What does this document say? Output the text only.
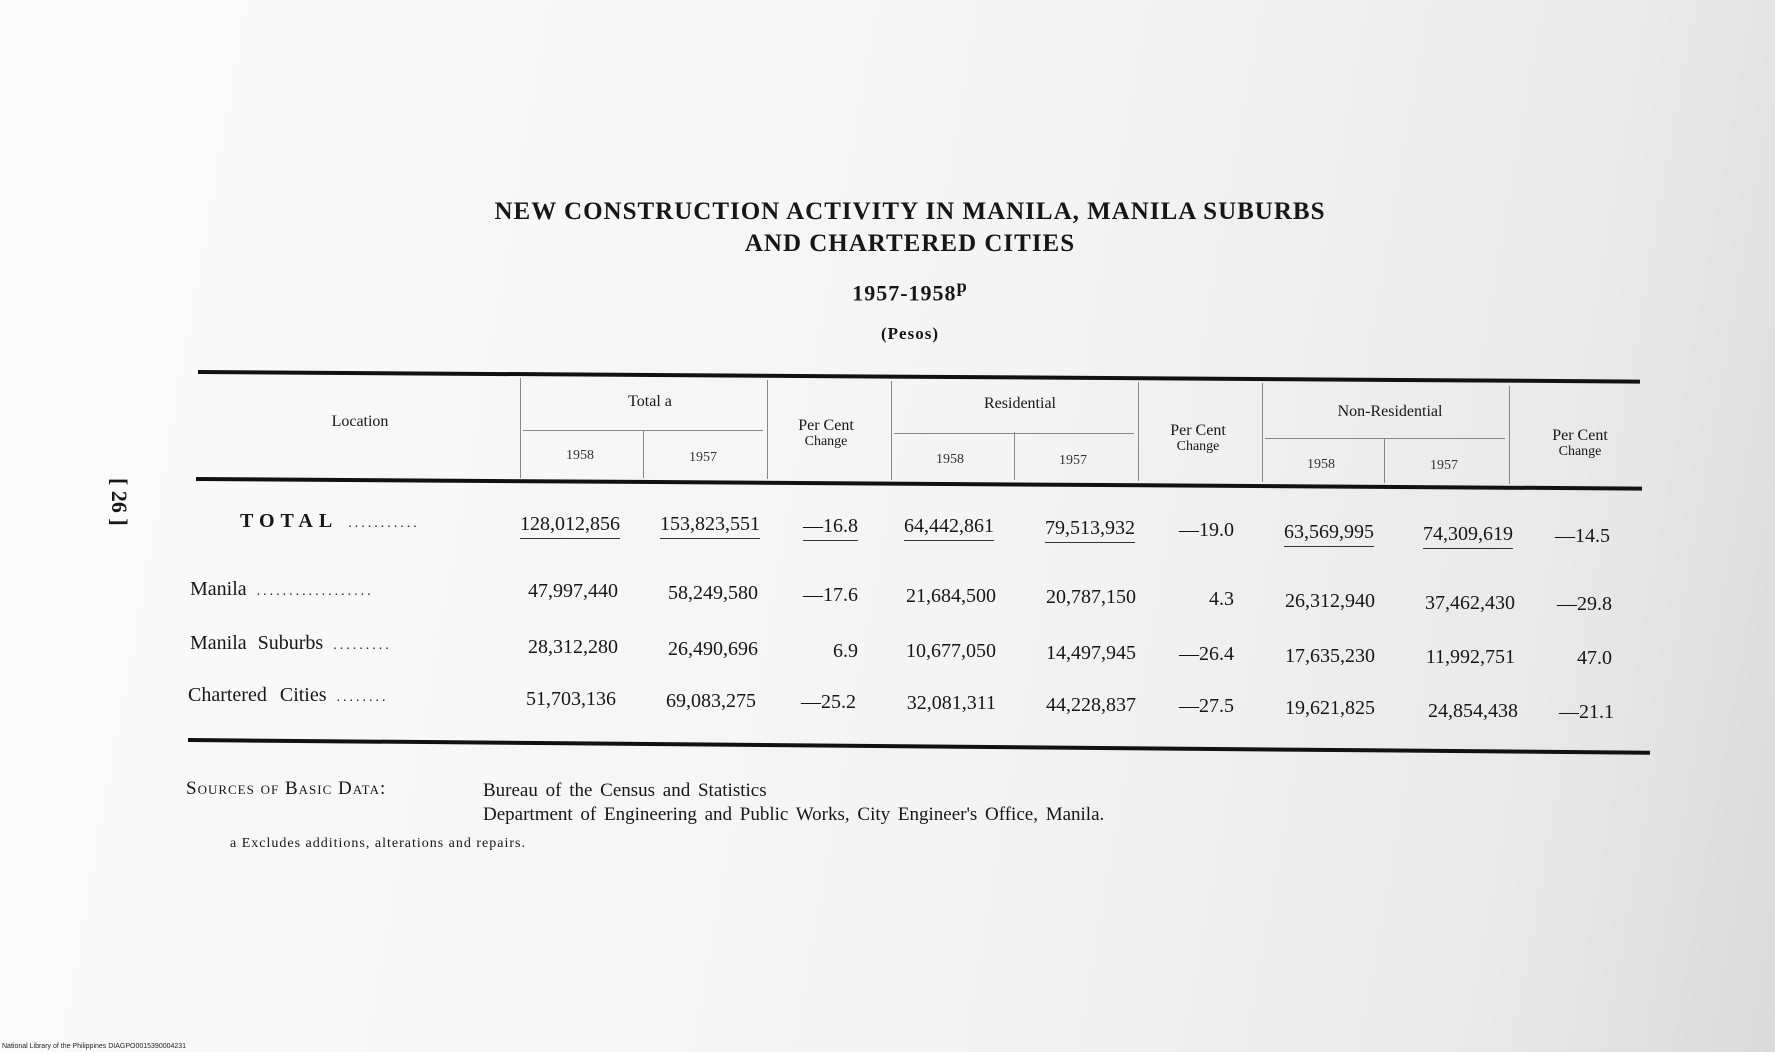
NEW CONSTRUCTION ACTIVITY IN MANILA, MANILA SUBURBS
AND CHARTERED CITIES
1957-1958$^p$
(Pesos)
[ 26 ]
Location
Total a
1958	1957
Per Cent
Change
Residential
1958	1957
Per Cent
Change
Non-Residential
1958	1957
Per Cent
Change
TOTAL ...........	128,012,856	153,823,551	—16.8	64,442,861	79,513,932	—19.0	63,569,995	74,309,619	—14.5
Manila ..................	47,997,440	58,249,580	—17.6	21,684,500	20,787,150	4.3	26,312,940	37,462,430	—29.8
Manila Suburbs .........	28,312,280	26,490,696	6.9	10,677,050	14,497,945	—26.4	17,635,230	11,992,751	47.0
Chartered Cities ........	51,703,136	69,083,275	—25.2	32,081,311	44,228,837	—27.5	19,621,825	24,854,438	—21.1
Sources of Basic Data:	Bureau of the Census and Statistics
Department of Engineering and Public Works, City Engineer's Office, Manila.
a Excludes additions, alterations and repairs.
National Library of the Philippines DIAGPO0015390004231
